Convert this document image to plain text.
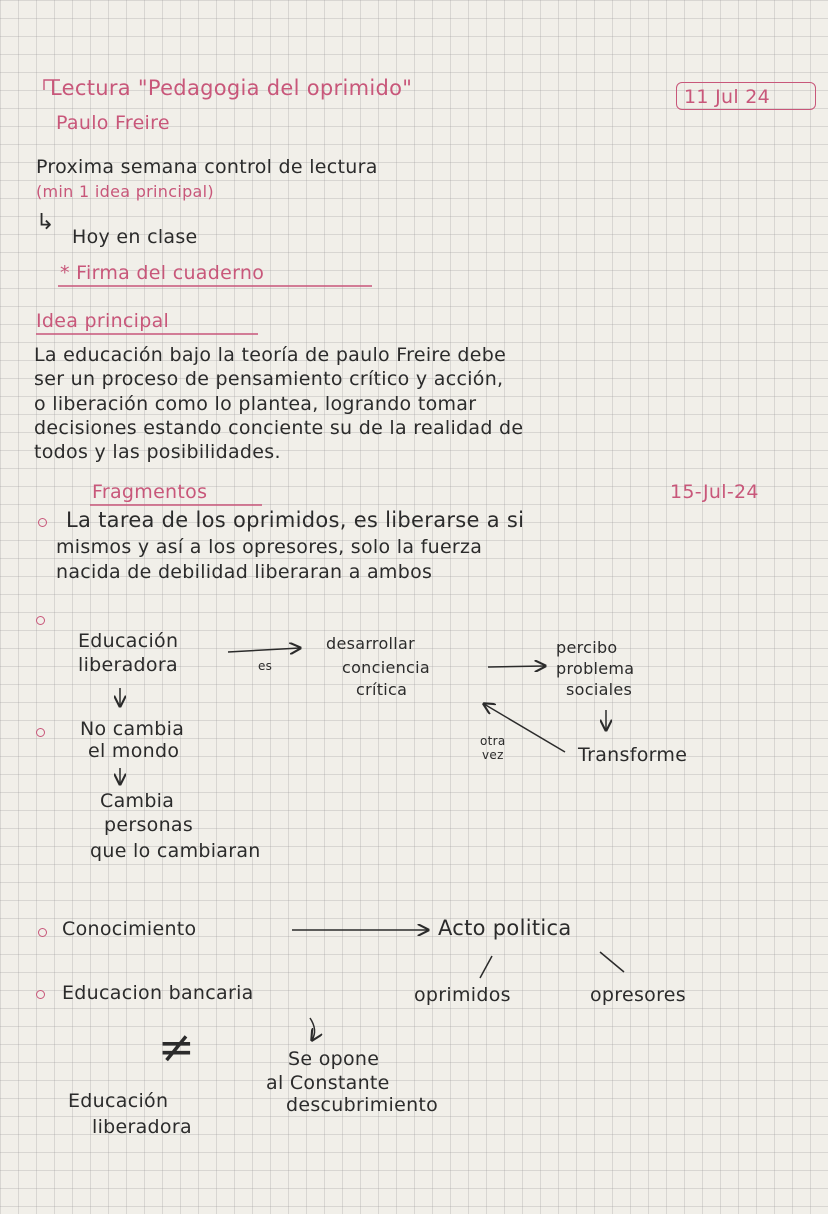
Lectura "Pedagogia del oprimido"
Paulo Freire
11 Jul 24
Proxima semana control de lectura
(min 1 idea principal)
↳
Hoy en clase
* Firma del cuaderno
Idea principal
La educación bajo la teoría de paulo Freire debe
ser un proceso de pensamiento crítico y acción,
o liberación como lo plantea, logrando tomar
decisiones estando conciente su de la realidad de
todos y las posibilidades.
Fragmentos	15-Jul-24
La tarea de los oprimidos, es liberarse a si
mismos y así a los opresores, solo la fuerza
nacida de debilidad liberaran a ambos
Educación
liberadora	es
desarrollar
conciencia
crítica
percibo
problema
sociales
No cambia
el mondo	otra
vez	Transforme
Cambia
personas
que lo cambiaran
Conocimiento	Acto politica
oprimidos	opresores
Educacion bancaria
≠
Educación
liberadora
Se opone
al Constante
descubrimiento
